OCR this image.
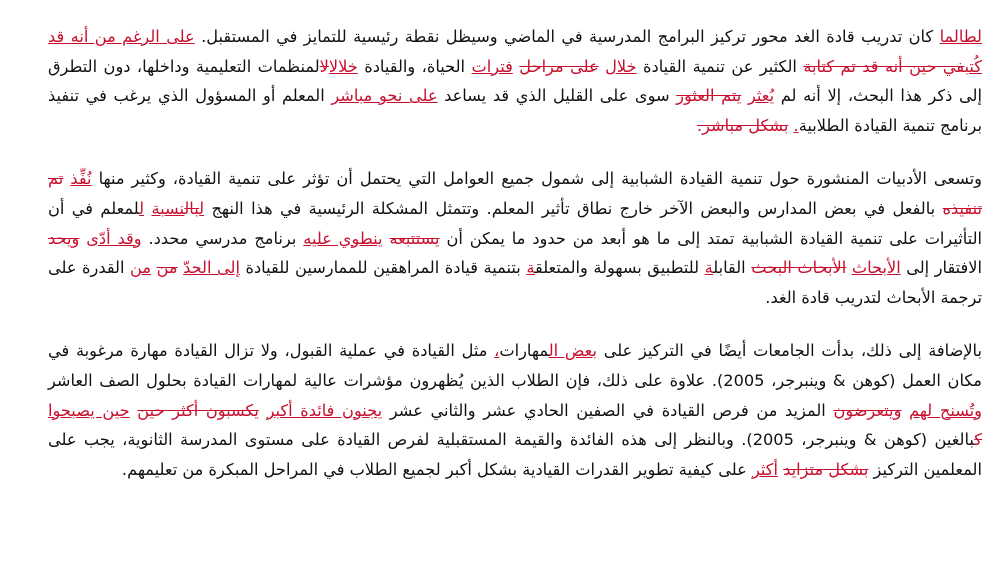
لطالما كان تدريب قادة الغد محور تركيز البرامج المدرسية في الماضي وسيظل نقطة رئيسية للتمايز في المستقبل. على الرغم من أنه قد كُتبفي حين أنه قد تم كتابة الكثير عن تنمية القيادة خلال على مراحل فترات الحياة، والقيادة خلالالالمنظمات التعليمية وداخلها، دون التطرق إلى ذكر هذا البحث، إلا أنه لم يُعثر يتم العثور سوى على القليل الذي قد يساعد على نحو مباشر المعلم أو المسؤول الذي يرغب في تنفيذ برنامج تنمية القيادة الطلابية. بشكل مباشر.

وتسعى الأدبيات المنشورة حول تنمية القيادة الشبابية إلى شمول جميع العوامل التي يحتمل أن تؤثر على تنمية القيادة، وكثير منها نُفِّذ تم تنفيذه بالفعل في بعض المدارس والبعض الآخر خارج نطاق تأثير المعلم. وتتمثل المشكلة الرئيسية في هذا النهج لبالنسبة للمعلم في أن التأثيرات على تنمية القيادة الشبابية تمتد إلى ما هو أبعد من حدود ما يمكن أن يستتبعه ينطوي عليه برنامج مدرسي محدد. وقد أدّى ويحد الافتقار إلى الأبحاث الأبحاث البحث القابلة للتطبيق بسهولة والمتعلقة بتنمية قيادة المراهقين للممارسين للقيادة إلى الحدّ من من القدرة على ترجمة الأبحاث لتدريب قادة الغد.

بالإضافة إلى ذلك، بدأت الجامعات أيضًا في التركيز على بعض المهارات، مثل القيادة في عملية القبول، ولا تزال القيادة مهارة مرغوبة في مكان العمل (كوهن & وينبرجر، 2005). علاوة على ذلك، فإن الطلاب الذين يُظهرون مؤشرات عالية لمهارات القيادة بحلول الصف العاشر وتُسنح لهم ويتعرضون المزيد من فرص القيادة في الصفين الحادي عشر والثاني عشر يجنون فائدة أكبر يكسبون أكثر حين حين يصبحوا كبالغين (كوهن & وينبرجر، 2005). وبالنظر إلى هذه الفائدة والقيمة المستقبلية لفرص القيادة على مستوى المدرسة الثانوية، يجب على المعلمين التركيز بشكل متزايد أكثر على كيفية تطوير القدرات القيادية بشكل أكبر لجميع الطلاب في المراحل المبكرة من تعليمهم.
